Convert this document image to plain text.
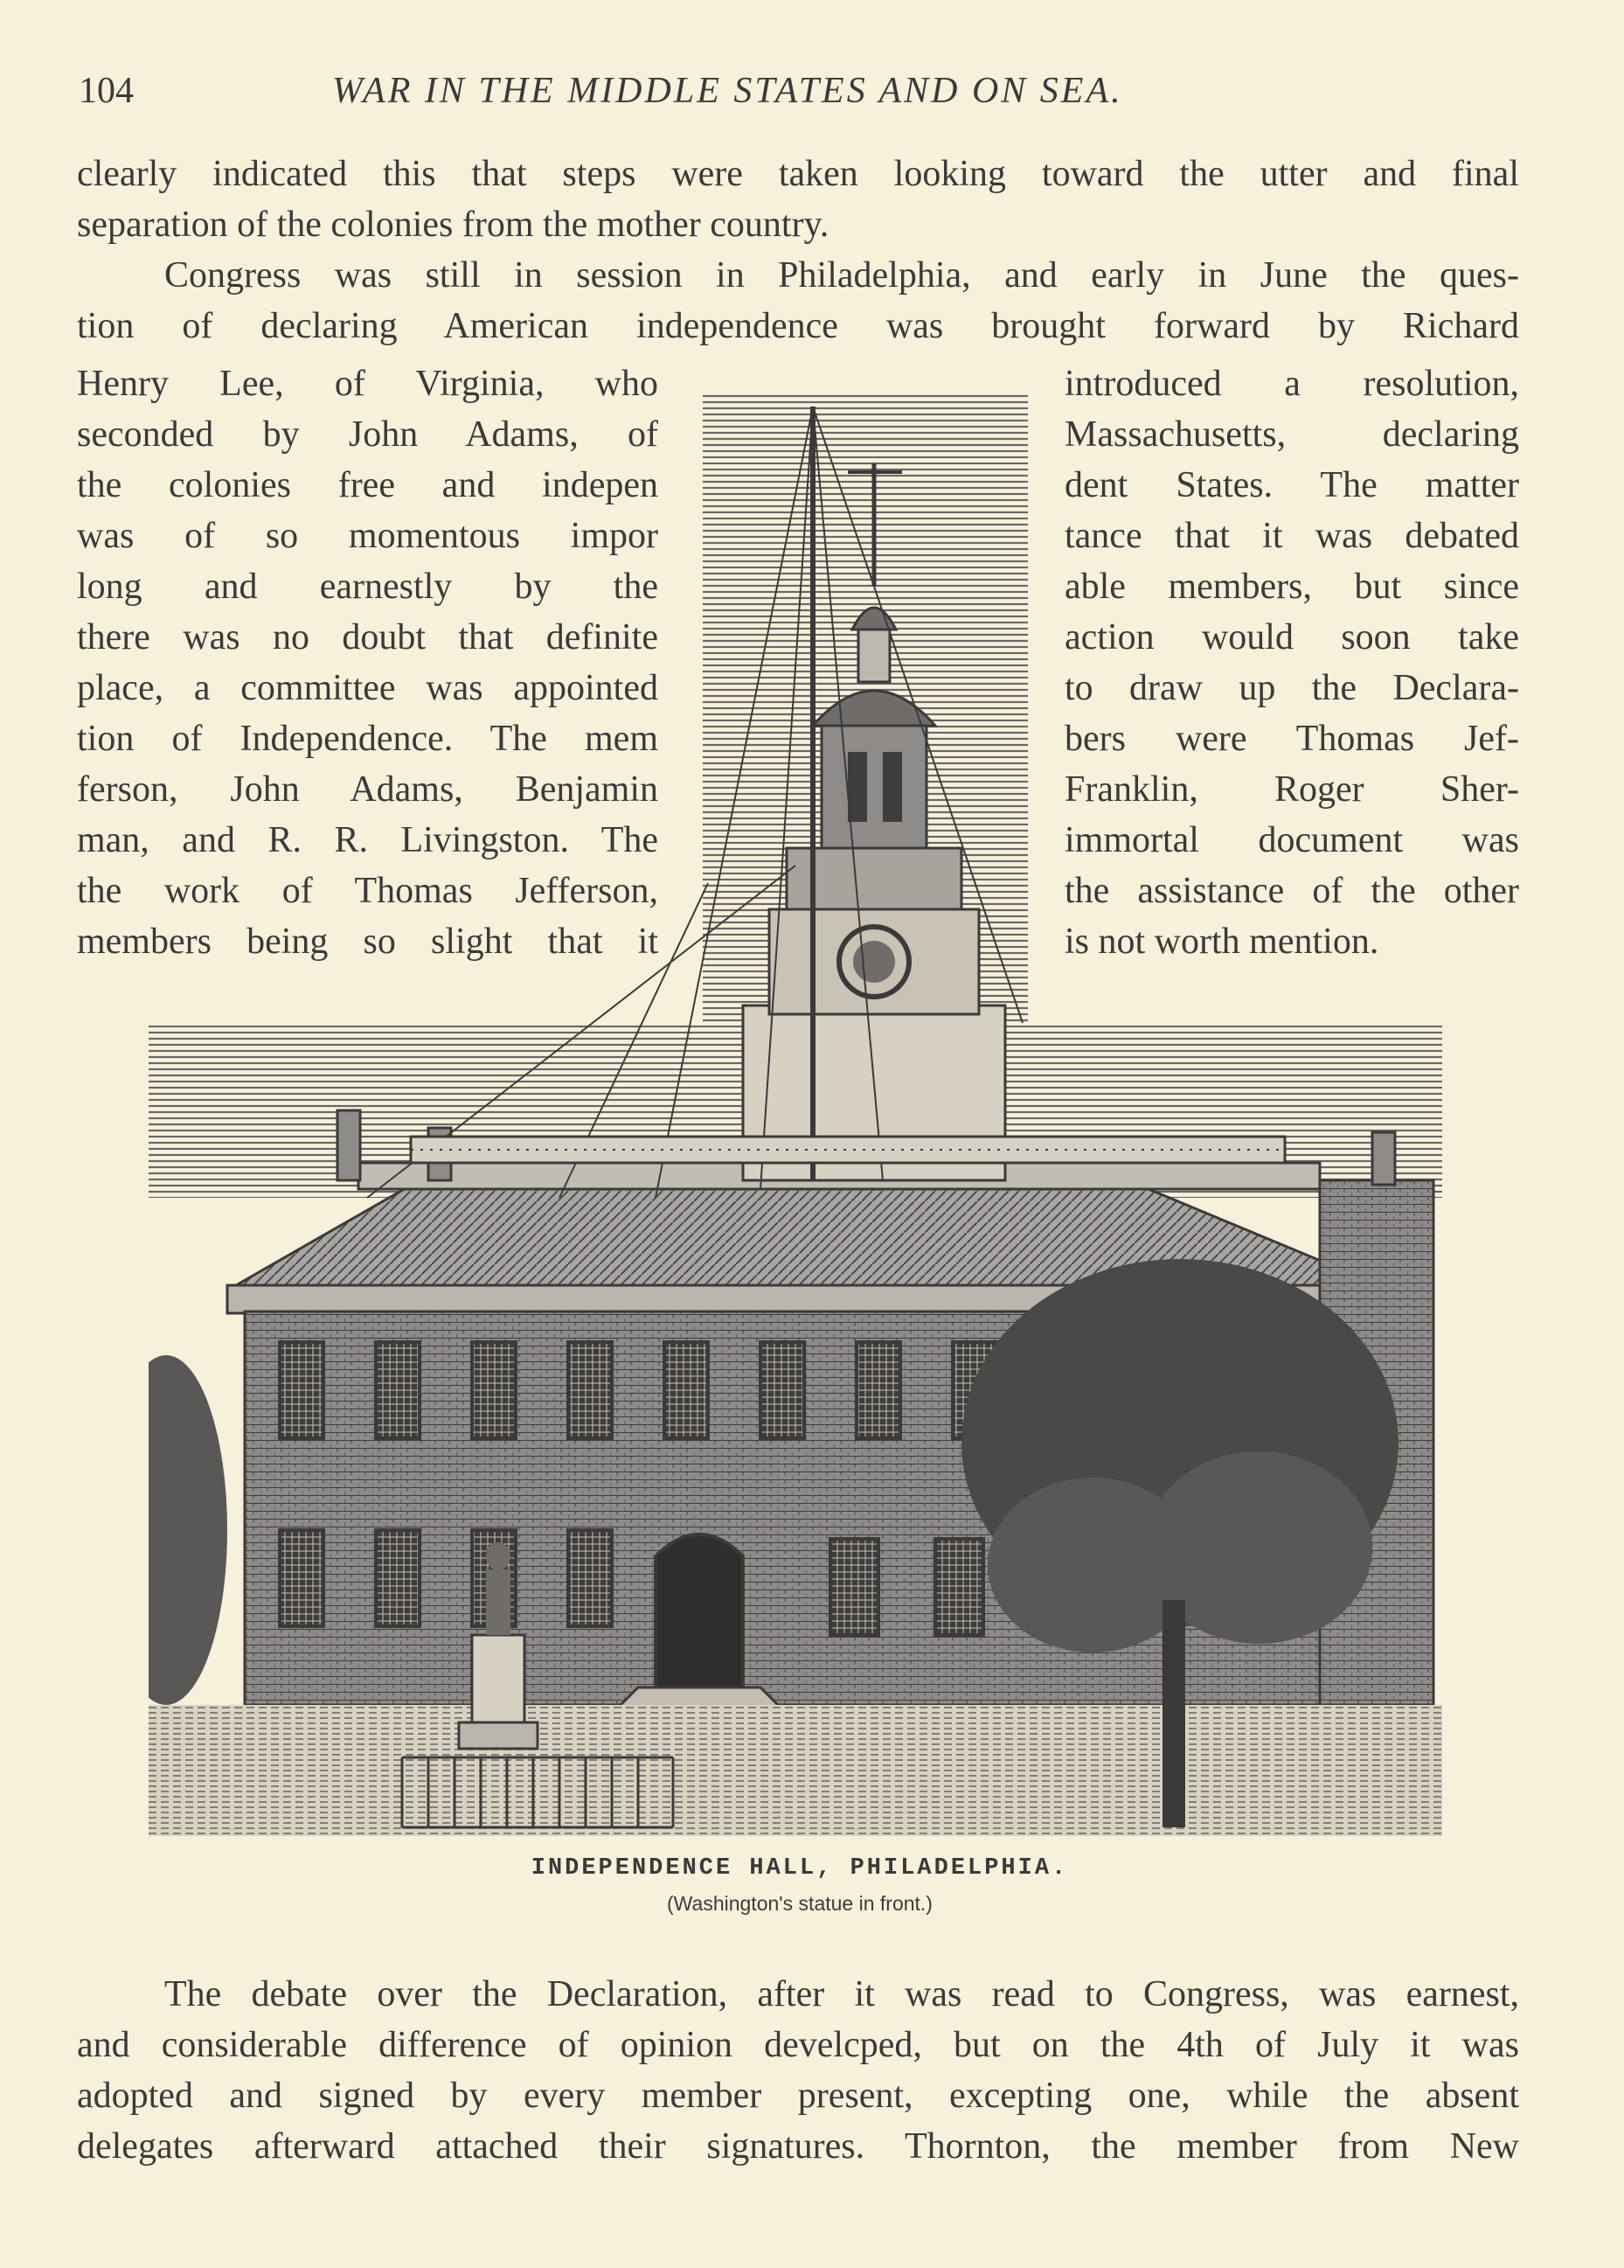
104	WAR IN THE MIDDLE STATES AND ON SEA.
clearly indicated this that steps were taken looking toward the utter and final
separation of the colonies from the mother country.
Congress was still in session in Philadelphia, and early in June the ques-
tion of declaring American independence was brought forward by Richard
Henry Lee, of Virginia, who
seconded by John Adams, of
the colonies free and indepen
was of so momentous impor
long and earnestly by the
there was no doubt that definite
place, a committee was appointed
tion of Independence. The mem
ferson, John Adams, Benjamin
man, and R. R. Livingston. The
the work of Thomas Jefferson,
members being so slight that it
introduced a resolution,
Massachusetts, declaring
dent States. The matter
tance that it was debated
able members, but since
action would soon take
to draw up the Declara-
bers were Thomas Jef-
Franklin, Roger Sher-
immortal document was
the assistance of the other
is not worth mention.
INDEPENDENCE HALL, PHILADELPHIA.
(Washington's statue in front.)
The debate over the Declaration, after it was read to Congress, was earnest,
and considerable difference of opinion develcped, but on the 4th of July it was
adopted and signed by every member present, excepting one, while the absent
delegates afterward attached their signatures. Thornton, the member from New
